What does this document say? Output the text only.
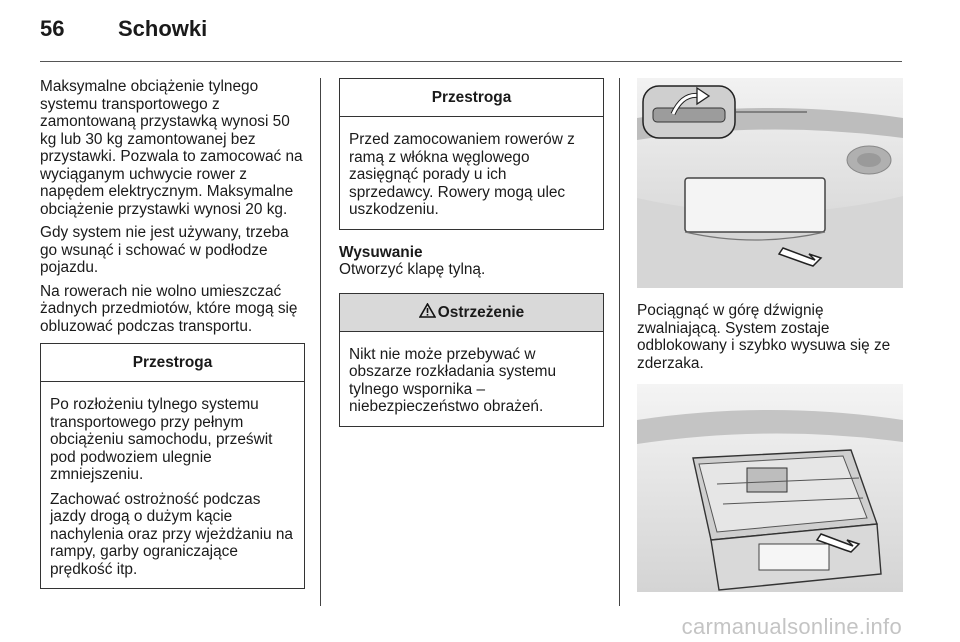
56	Schowki

Maksymalne obciążenie tylnego systemu transportowego z zamontowaną przystawką wynosi 50 kg lub 30 kg zamontowanej bez przystawki. Pozwala to zamocować na wyciąganym uchwycie rower z napędem elektrycznym. Maksymalne obciążenie przystawki wynosi 20 kg.

Gdy system nie jest używany, trzeba go wsunąć i schować w podłodze pojazdu.

Na rowerach nie wolno umieszczać żadnych przedmiotów, które mogą się obluzować podczas transportu.

Przestroga

Po rozłożeniu tylnego systemu transportowego przy pełnym obciążeniu samochodu, prześwit pod podwoziem ulegnie zmniejszeniu.

Zachować ostrożność podczas jazdy drogą o dużym kącie nachylenia oraz przy wjeżdżaniu na rampy, garby ograniczające prędkość itp.

Przestroga

Przed zamocowaniem rowerów z ramą z włókna węglowego zasięgnąć porady u ich sprzedawcy. Rowery mogą ulec uszkodzeniu.

Wysuwanie

Otworzyć klapę tylną.

Ostrzeżenie

Nikt nie może przebywać w obszarze rozkładania systemu tylnego wspornika – niebezpieczeństwo obrażeń.

Pociągnąć w górę dźwignię zwalniającą. System zostaje odblokowany i szybko wysuwa się ze zderzaka.

carmanualsonline.info
